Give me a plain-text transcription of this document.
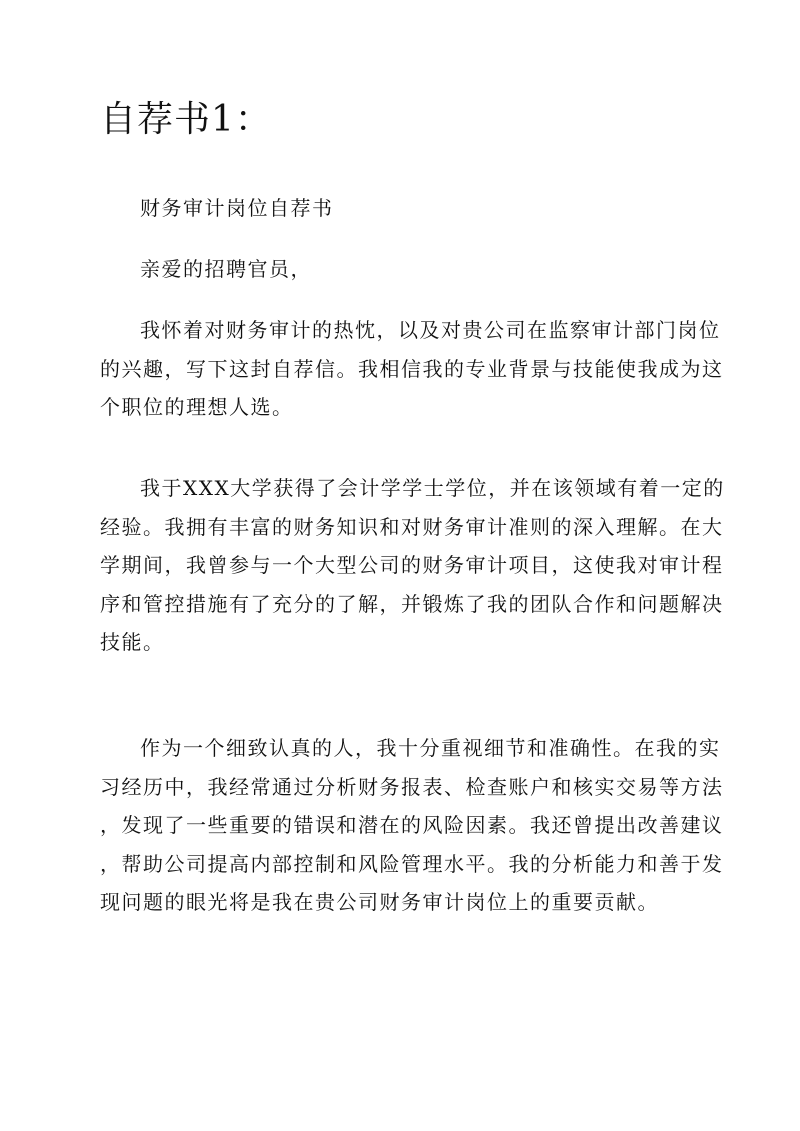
自荐书1：
财务审计岗位自荐书
亲爱的招聘官员，
我怀着对财务审计的热忱，以及对贵公司在监察审计部门岗位
的兴趣，写下这封自荐信。我相信我的专业背景与技能使我成为这
个职位的理想人选。
我于XXX大学获得了会计学学士学位，并在该领域有着一定的
经验。我拥有丰富的财务知识和对财务审计准则的深入理解。在大
学期间，我曾参与一个大型公司的财务审计项目，这使我对审计程
序和管控措施有了充分的了解，并锻炼了我的团队合作和问题解决
技能。
作为一个细致认真的人，我十分重视细节和准确性。在我的实
习经历中，我经常通过分析财务报表、检查账户和核实交易等方法
，发现了一些重要的错误和潜在的风险因素。我还曾提出改善建议
，帮助公司提高内部控制和风险管理水平。我的分析能力和善于发
现问题的眼光将是我在贵公司财务审计岗位上的重要贡献。
